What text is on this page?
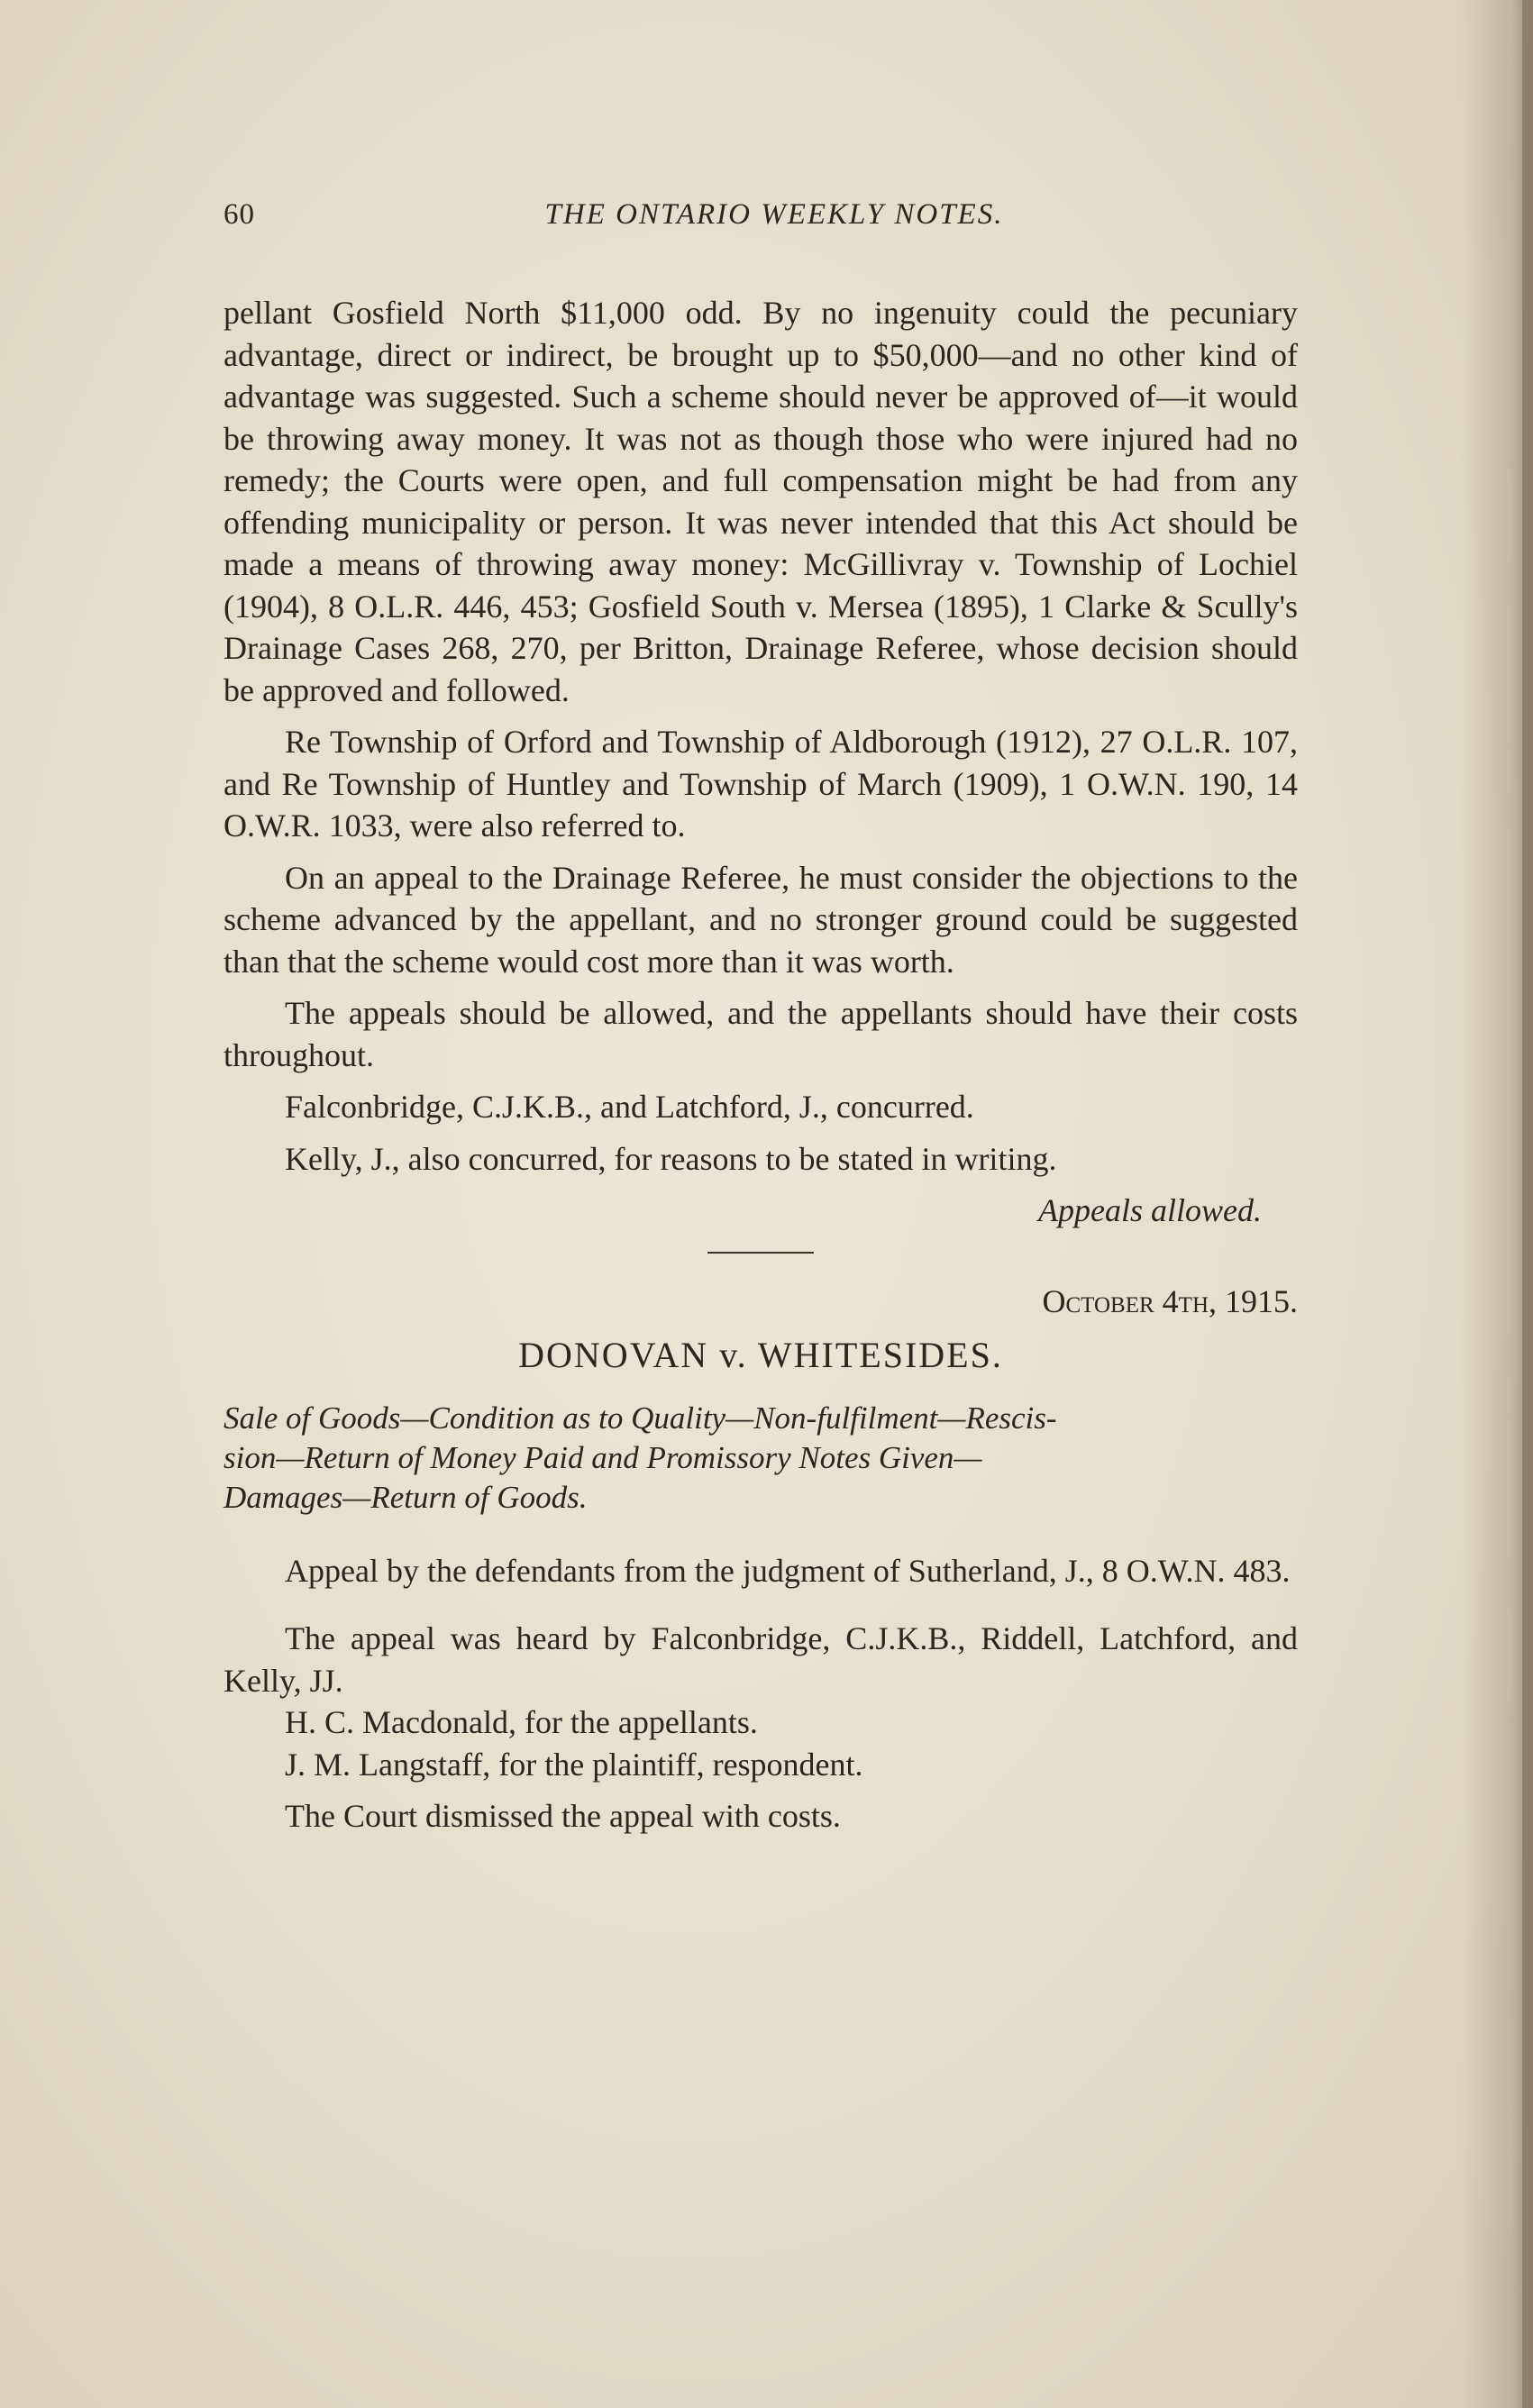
60	THE ONTARIO WEEKLY NOTES.

pellant Gosfield North $11,000 odd. By no ingenuity could the pecuniary advantage, direct or indirect, be brought up to $50,000—and no other kind of advantage was suggested. Such a scheme should never be approved of—it would be throwing away money. It was not as though those who were injured had no remedy; the Courts were open, and full compensation might be had from any offending municipality or person. It was never intended that this Act should be made a means of throwing away money: McGillivray v. Township of Lochiel (1904), 8 O.L.R. 446, 453; Gosfield South v. Mersea (1895), 1 Clarke & Scully's Drainage Cases 268, 270, per Britton, Drainage Referee, whose decision should be approved and followed.

Re Township of Orford and Township of Aldborough (1912), 27 O.L.R. 107, and Re Township of Huntley and Township of March (1909), 1 O.W.N. 190, 14 O.W.R. 1033, were also referred to.

On an appeal to the Drainage Referee, he must consider the objections to the scheme advanced by the appellant, and no stronger ground could be suggested than that the scheme would cost more than it was worth.

The appeals should be allowed, and the appellants should have their costs throughout.

Falconbridge, C.J.K.B., and Latchford, J., concurred.

Kelly, J., also concurred, for reasons to be stated in writing.

Appeals allowed.

October 4th, 1915.

DONOVAN v. WHITESIDES.

Sale of Goods—Condition as to Quality—Non-fulfilment—Rescis-
sion—Return of Money Paid and Promissory Notes Given—
Damages—Return of Goods.

Appeal by the defendants from the judgment of Sutherland, J., 8 O.W.N. 483.

The appeal was heard by Falconbridge, C.J.K.B., Riddell, Latchford, and Kelly, JJ.

H. C. Macdonald, for the appellants.

J. M. Langstaff, for the plaintiff, respondent.

The Court dismissed the appeal with costs.
